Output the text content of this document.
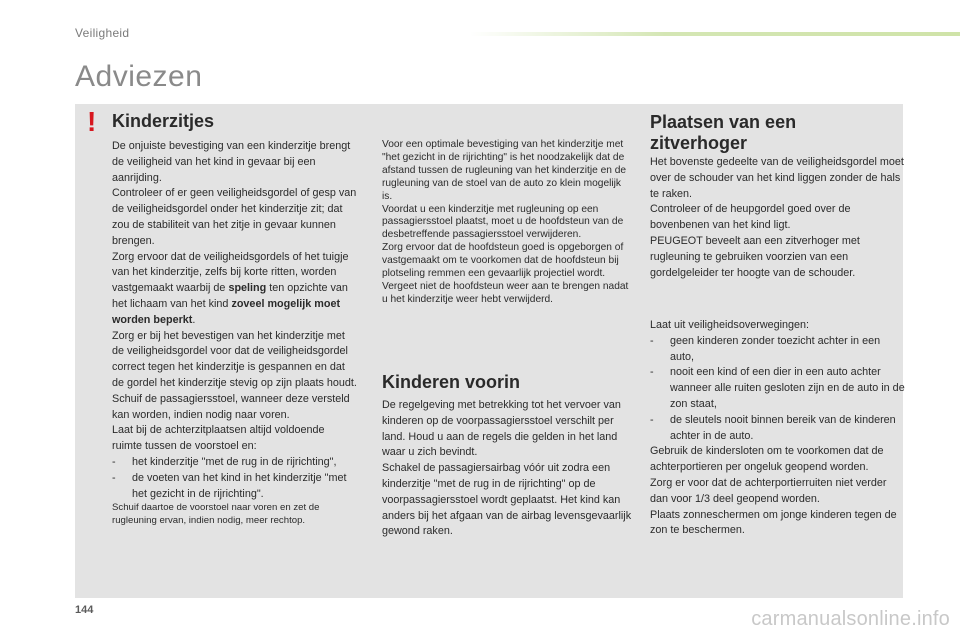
Veiligheid
Adviezen
! Kinderzitjes
De onjuiste bevestiging van een kinderzitje brengt de veiligheid van het kind in gevaar bij een aanrijding.
Controleer of er geen veiligheidsgordel of gesp van de veiligheidsgordel onder het kinderzitje zit; dat zou de stabiliteit van het zitje in gevaar kunnen brengen.
Zorg ervoor dat de veiligheidsgordels of het tuigje van het kinderzitje, zelfs bij korte ritten, worden vastgemaakt waarbij de speling ten opzichte van het lichaam van het kind zoveel mogelijk moet worden beperkt.
Zorg er bij het bevestigen van het kinderzitje met de veiligheidsgordel voor dat de veiligheidsgordel correct tegen het kinderzitje is gespannen en dat de gordel het kinderzitje stevig op zijn plaats houdt. Schuif de passagiersstoel, wanneer deze versteld kan worden, indien nodig naar voren.
Laat bij de achterzitplaatsen altijd voldoende ruimte tussen de voorstoel en:
-	het kinderzitje "met de rug in de rijrichting",
-	de voeten van het kind in het kinderzitje "met het gezicht in de rijrichting".
Schuif daartoe de voorstoel naar voren en zet de rugleuning ervan, indien nodig, meer rechtop.
Voor een optimale bevestiging van het kinderzitje met "het gezicht in de rijrichting" is het noodzakelijk dat de afstand tussen de rugleuning van het kinderzitje en de rugleuning van de stoel van de auto zo klein mogelijk is.
Voordat u een kinderzitje met rugleuning op een passagiersstoel plaatst, moet u de hoofdsteun van de desbetreffende passagiersstoel verwijderen.
Zorg ervoor dat de hoofdsteun goed is opgeborgen of vastgemaakt om te voorkomen dat de hoofdsteun bij plotseling remmen een gevaarlijk projectiel wordt.
Vergeet niet de hoofdsteun weer aan te brengen nadat u het kinderzitje weer hebt verwijderd.
Kinderen voorin
De regelgeving met betrekking tot het vervoer van kinderen op de voorpassagiersstoel verschilt per land. Houd u aan de regels die gelden in het land waar u zich bevindt.
Schakel de passagiersairbag vóór uit zodra een kinderzitje "met de rug in de rijrichting" op de voorpassagiersstoel wordt geplaatst. Het kind kan anders bij het afgaan van de airbag levensgevaarlijk gewond raken.
Plaatsen van een zitverhoger
Het bovenste gedeelte van de veiligheidsgordel moet over de schouder van het kind liggen zonder de hals te raken.
Controleer of de heupgordel goed over de bovenbenen van het kind ligt.
PEUGEOT beveelt aan een zitverhoger met rugleuning te gebruiken voorzien van een gordelgeleider ter hoogte van de schouder.
Laat uit veiligheidsoverwegingen:
-	geen kinderen zonder toezicht achter in een auto,
-	nooit een kind of een dier in een auto achter wanneer alle ruiten gesloten zijn en de auto in de zon staat,
-	de sleutels nooit binnen bereik van de kinderen achter in de auto.
Gebruik de kindersloten om te voorkomen dat de achterportieren per ongeluk geopend worden.
Zorg er voor dat de achterportierruiten niet verder dan voor 1/3 deel geopend worden.
Plaats zonneschermen om jonge kinderen tegen de zon te beschermen.
144	carmanualsonline.info
